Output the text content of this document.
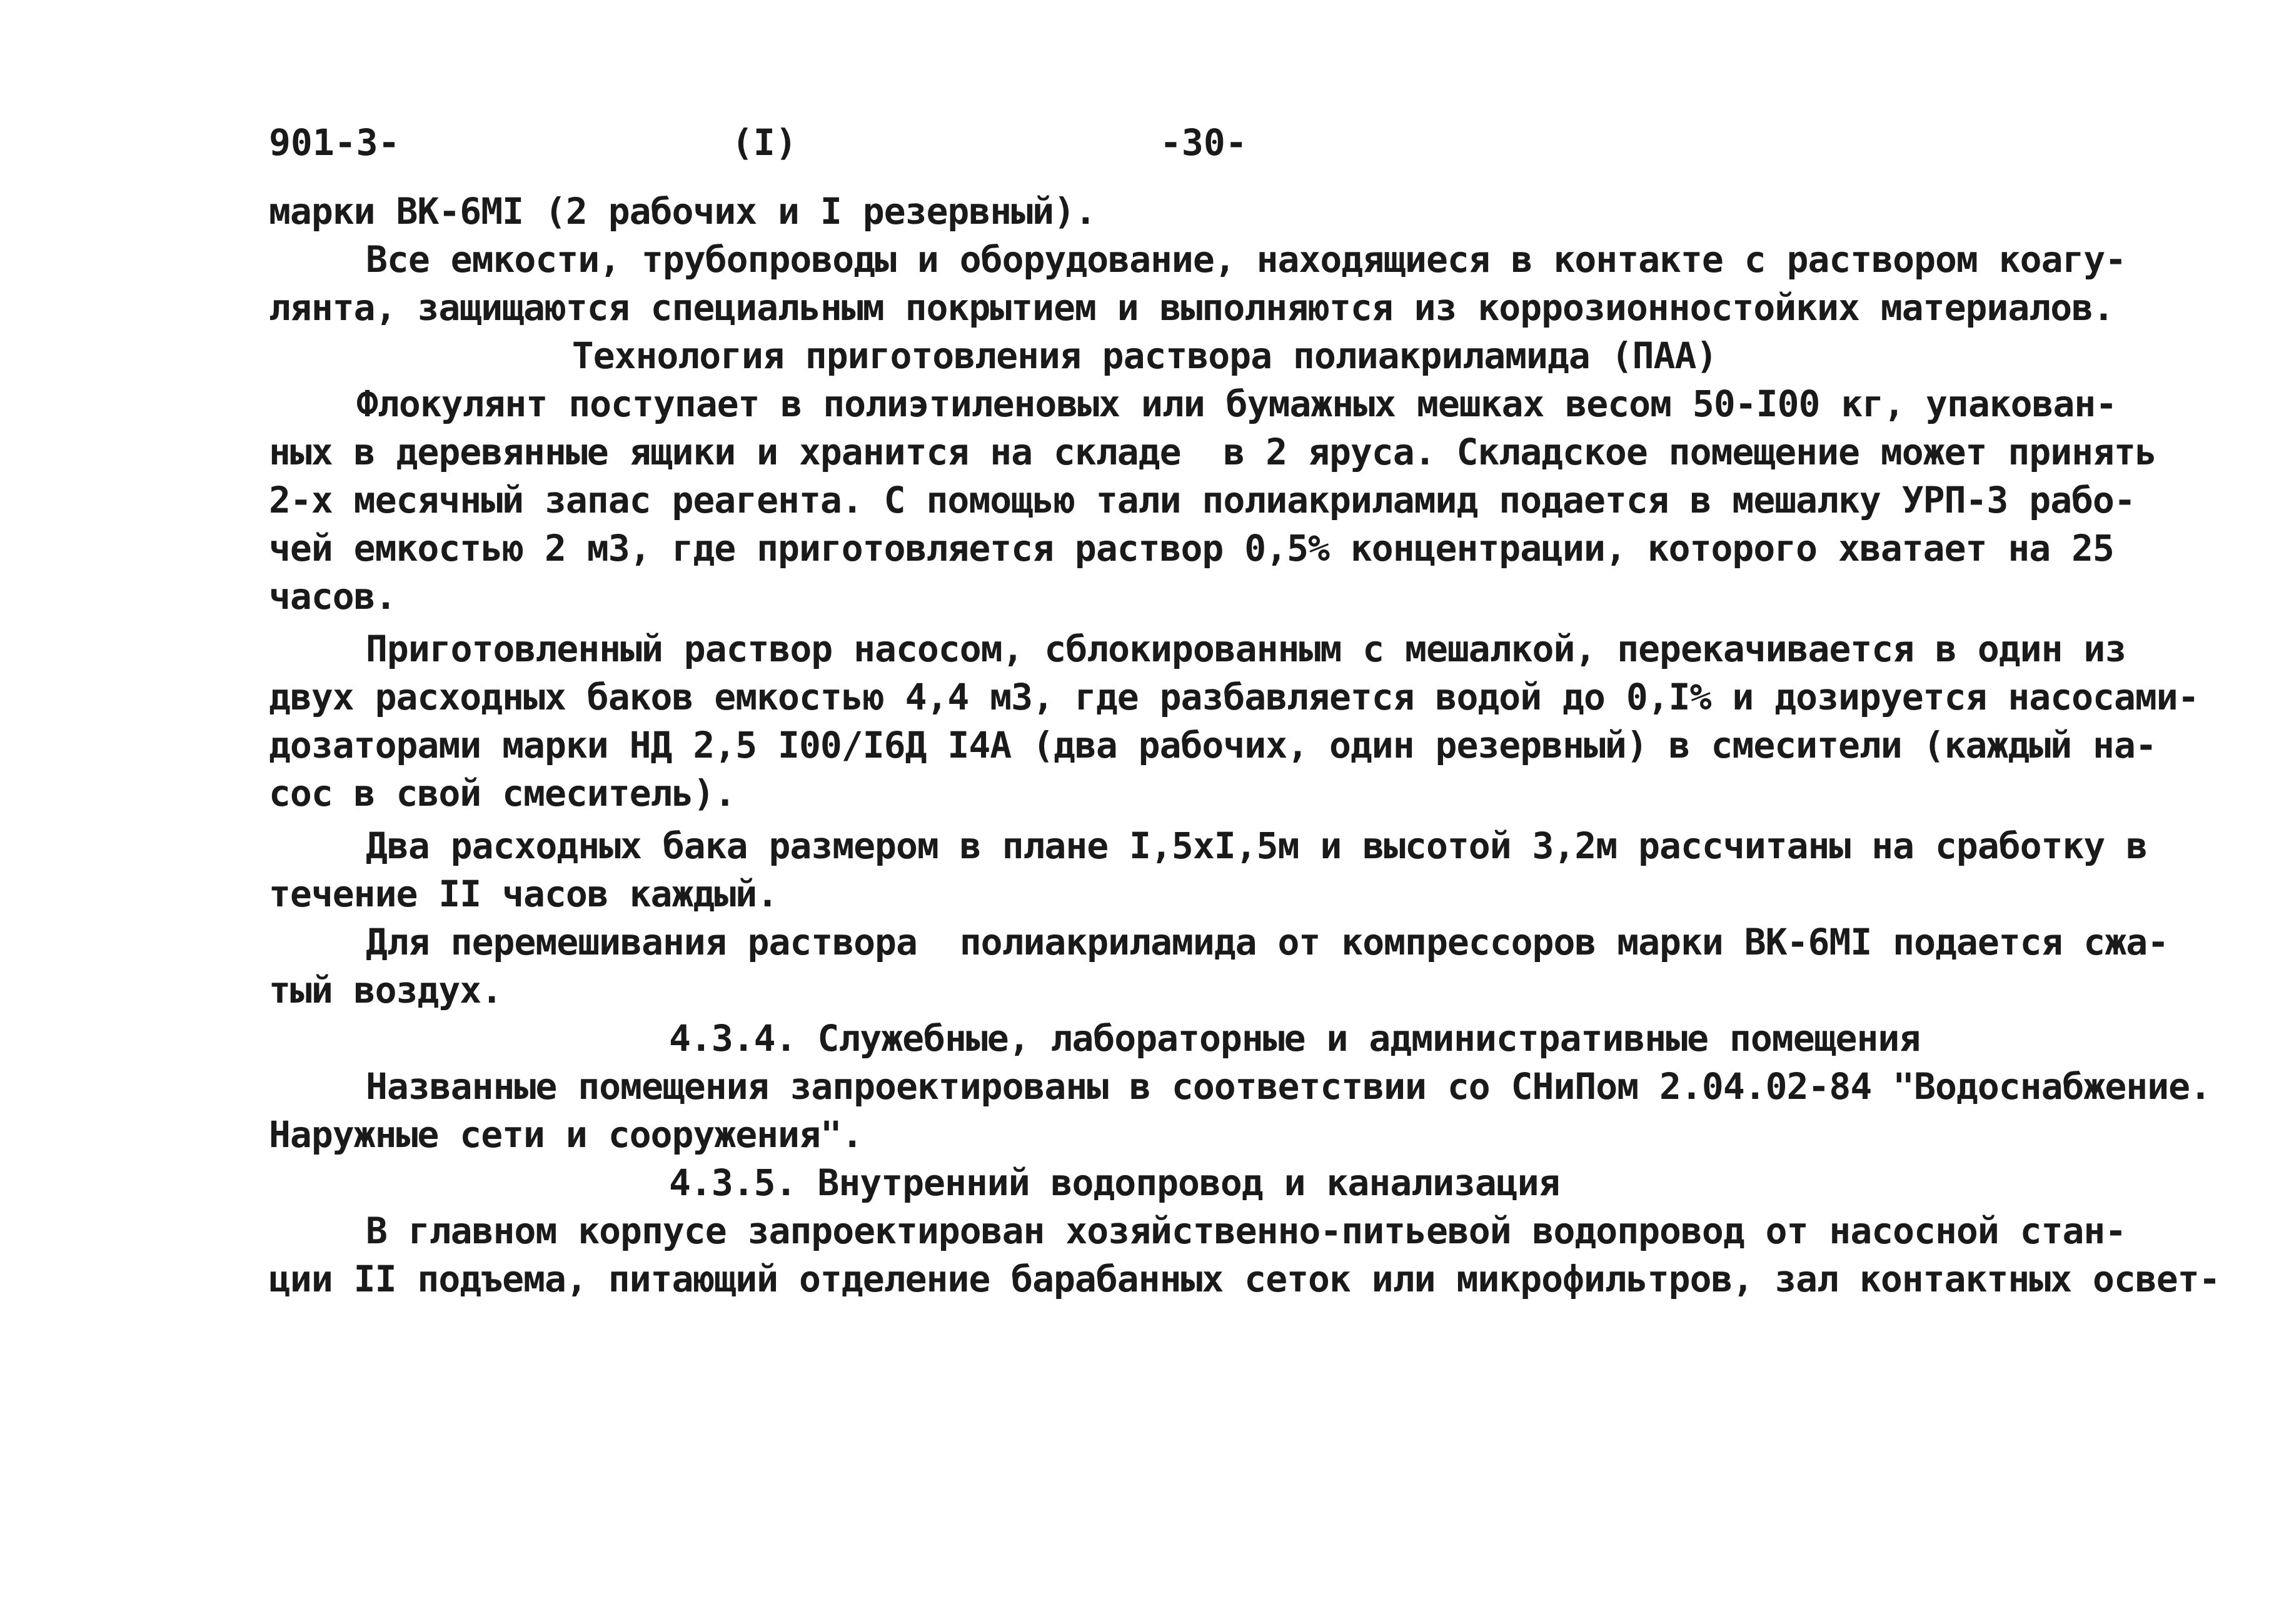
901-3-	(I)	-30-
марки ВК-6МI (2 рабочих и I резервный).
Все емкости, трубопроводы и оборудование, находящиеся в контакте с раствором коагу-
лянта, защищаются специальным покрытием и выполняются из коррозионностойких материалов.
Технология приготовления раствора полиакриламида (ПАА)
Флокулянт поступает в полиэтиленовых или бумажных мешках весом 50-I00 кг, упакован-
ных в деревянные ящики и хранится на складе  в 2 яруса. Складское помещение может принять
2-х месячный запас реагента. С помощью тали полиакриламид подается в мешалку УРП-3 рабо-
чей емкостью 2 м3, где приготовляется раствор 0,5% концентрации, которого хватает на 25
часов.
Приготовленный раствор насосом, сблокированным с мешалкой, перекачивается в один из
двух расходных баков емкостью 4,4 м3, где разбавляется водой до 0,I% и дозируется насосами-
дозаторами марки НД 2,5 I00/I6Д I4А (два рабочих, один резервный) в смесители (каждый на-
сос в свой смеситель).
Два расходных бака размером в плане I,5хI,5м и высотой 3,2м рассчитаны на сработку в
течение II часов каждый.
Для перемешивания раствора  полиакриламида от компрессоров марки ВК-6МI подается сжа-
тый воздух.
4.3.4. Служебные, лабораторные и административные помещения
Названные помещения запроектированы в соответствии со СНиПом 2.04.02-84 "Водоснабжение.
Наружные сети и сооружения".
4.3.5. Внутренний водопровод и канализация
В главном корпусе запроектирован хозяйственно-питьевой водопровод от насосной стан-
ции II подъема, питающий отделение барабанных сеток или микрофильтров, зал контактных освет-
